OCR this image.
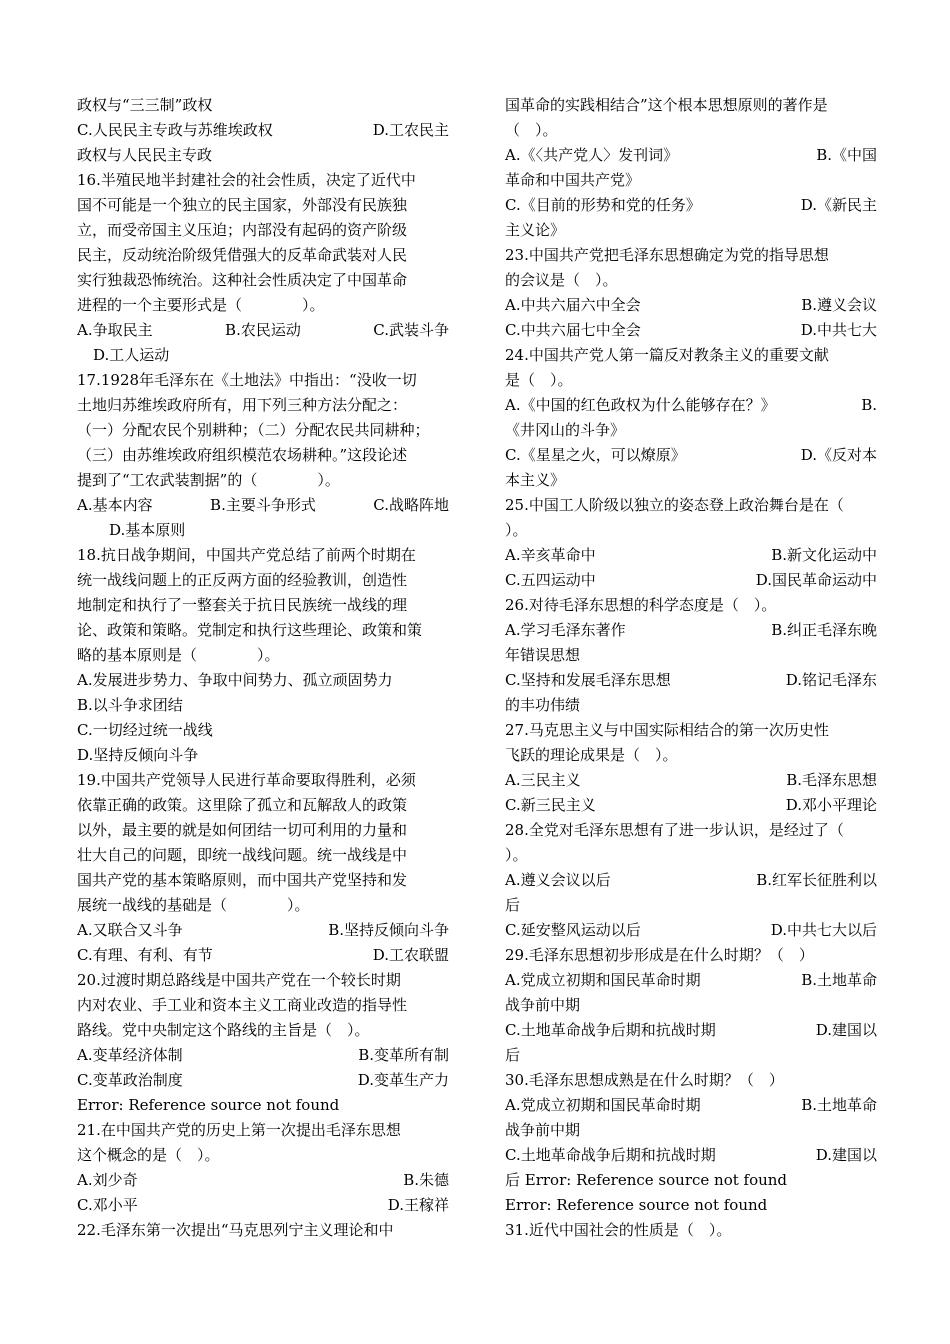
政权与“三三制”政权
C.人民民主专政与苏维埃政权	D.工农民主
政权与人民民主专政
16.半殖民地半封建社会的社会性质，决定了近代中
国不可能是一个独立的民主国家，外部没有民族独
立，而受帝国主义压迫；内部没有起码的资产阶级
民主，反动统治阶级凭借强大的反革命武装对人民
实行独裁恐怖统治。这种社会性质决定了中国革命
进程的一个主要形式是（　　　　）。
A.争取民主	B.农民运动	C.武装斗争
D.工人运动
17.1928年毛泽东在《土地法》中指出：“没收一切
土地归苏维埃政府所有，用下列三种方法分配之：
（一）分配农民个别耕种；（二）分配农民共同耕种；
（三）由苏维埃政府组织模范农场耕种。”这段论述
提到了“工农武装割据”的（　　　　）。
A.基本内容	B.主要斗争形式	C.战略阵地
D.基本原则
18.抗日战争期间，中国共产党总结了前两个时期在
统一战线问题上的正反两方面的经验教训，创造性
地制定和执行了一整套关于抗日民族统一战线的理
论、政策和策略。党制定和执行这些理论、政策和策
略的基本原则是（　　　　）。
A.发展进步势力、争取中间势力、孤立顽固势力
B.以斗争求团结
C.一切经过统一战线
D.坚持反倾向斗争
19.中国共产党领导人民进行革命要取得胜利，必须
依靠正确的政策。这里除了孤立和瓦解敌人的政策
以外，最主要的就是如何团结一切可利用的力量和
壮大自己的问题，即统一战线问题。统一战线是中
国共产党的基本策略原则，而中国共产党坚持和发
展统一战线的基础是（　　　　）。
A.又联合又斗争	B.坚持反倾向斗争
C.有理、有利、有节	D.工农联盟
20.过渡时期总路线是中国共产党在一个较长时期
内对农业、手工业和资本主义工商业改造的指导性
路线。党中央制定这个路线的主旨是（　）。
A.变革经济体制	B.变革所有制
C.变革政治制度	D.变革生产力
Error: Reference source not found
21.在中国共产党的历史上第一次提出毛泽东思想
这个概念的是（　）。
A.刘少奇	B.朱德
C.邓小平	D.王稼祥
22.毛泽东第一次提出“马克思列宁主义理论和中
国革命的实践相结合”这个根本思想原则的著作是
（　）。
A.《〈共产党人〉发刊词》	B.《中国
革命和中国共产党》
C.《目前的形势和党的任务》	D.《新民主
主义论》
23.中国共产党把毛泽东思想确定为党的指导思想
的会议是（　）。
A.中共六届六中全会	B.遵义会议
C.中共六届七中全会	D.中共七大
24.中国共产党人第一篇反对教条主义的重要文献
是（　）。
A.《中国的红色政权为什么能够存在？》	B.
《井冈山的斗争》
C.《星星之火，可以燎原》	D.《反对本
本主义》
25.中国工人阶级以独立的姿态登上政治舞台是在（
）。
A.辛亥革命中	B.新文化运动中
C.五四运动中	D.国民革命运动中
26.对待毛泽东思想的科学态度是（　）。
A.学习毛泽东著作	B.纠正毛泽东晚
年错误思想
C.坚持和发展毛泽东思想	D.铭记毛泽东
的丰功伟绩
27.马克思主义与中国实际相结合的第一次历史性
飞跃的理论成果是（　）。
A.三民主义	B.毛泽东思想
C.新三民主义	D.邓小平理论
28.全党对毛泽东思想有了进一步认识，是经过了（
）。
A.遵义会议以后	B.红军长征胜利以
后
C.延安整风运动以后	D.中共七大以后
29.毛泽东思想初步形成是在什么时期？（　）
A.党成立初期和国民革命时期	B.土地革命
战争前中期
C.土地革命战争后期和抗战时期	D.建国以
后
30.毛泽东思想成熟是在什么时期？（　）
A.党成立初期和国民革命时期	B.土地革命
战争前中期
C.土地革命战争后期和抗战时期	D.建国以
后 Error: Reference source not found
Error: Reference source not found
31.近代中国社会的性质是（　）。
